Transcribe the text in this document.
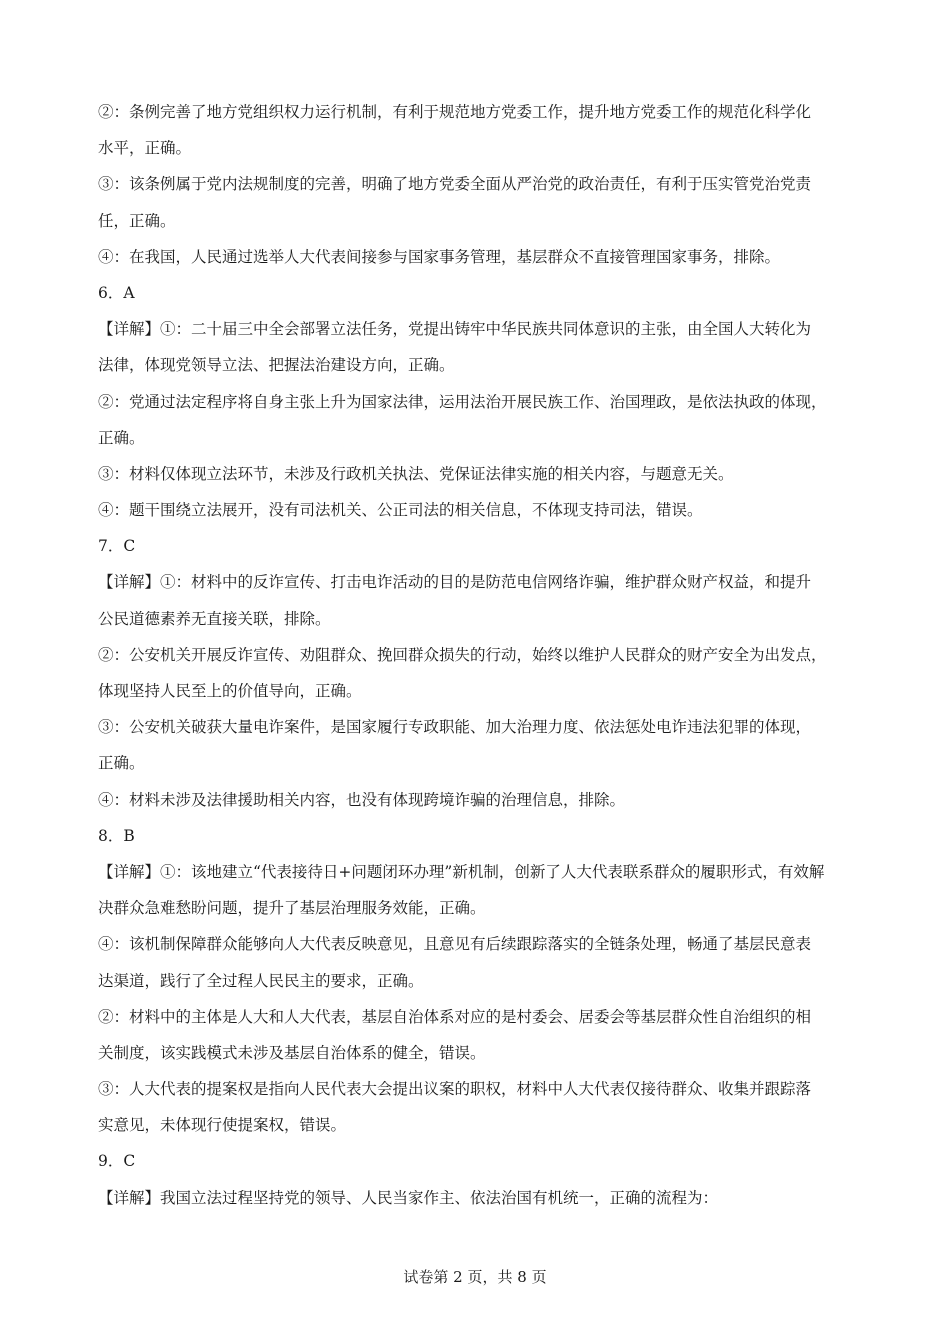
②：条例完善了地方党组织权力运行机制，有利于规范地方党委工作，提升地方党委工作的规范化科学化
水平，正确。
③：该条例属于党内法规制度的完善，明确了地方党委全面从严治党的政治责任，有利于压实管党治党责
任，正确。
④：在我国，人民通过选举人大代表间接参与国家事务管理，基层群众不直接管理国家事务，排除。
6．A
【详解】①：二十届三中全会部署立法任务，党提出铸牢中华民族共同体意识的主张，由全国人大转化为
法律，体现党领导立法、把握法治建设方向，正确。
②：党通过法定程序将自身主张上升为国家法律，运用法治开展民族工作、治国理政，是依法执政的体现，
正确。
③：材料仅体现立法环节，未涉及行政机关执法、党保证法律实施的相关内容，与题意无关。
④：题干围绕立法展开，没有司法机关、公正司法的相关信息，不体现支持司法，错误。
7．C
【详解】①：材料中的反诈宣传、打击电诈活动的目的是防范电信网络诈骗，维护群众财产权益，和提升
公民道德素养无直接关联，排除。
②：公安机关开展反诈宣传、劝阻群众、挽回群众损失的行动，始终以维护人民群众的财产安全为出发点，
体现坚持人民至上的价值导向，正确。
③：公安机关破获大量电诈案件，是国家履行专政职能、加大治理力度、依法惩处电诈违法犯罪的体现，
正确。
④：材料未涉及法律援助相关内容，也没有体现跨境诈骗的治理信息，排除。
8．B
【详解】①：该地建立“代表接待日+问题闭环办理”新机制，创新了人大代表联系群众的履职形式，有效解
决群众急难愁盼问题，提升了基层治理服务效能，正确。
④：该机制保障群众能够向人大代表反映意见，且意见有后续跟踪落实的全链条处理，畅通了基层民意表
达渠道，践行了全过程人民民主的要求，正确。
②：材料中的主体是人大和人大代表，基层自治体系对应的是村委会、居委会等基层群众性自治组织的相
关制度，该实践模式未涉及基层自治体系的健全，错误。
③：人大代表的提案权是指向人民代表大会提出议案的职权，材料中人大代表仅接待群众、收集并跟踪落
实意见，未体现行使提案权，错误。
9．C
【详解】我国立法过程坚持党的领导、人民当家作主、依法治国有机统一，正确的流程为：
试卷第 2 页，共 8 页
